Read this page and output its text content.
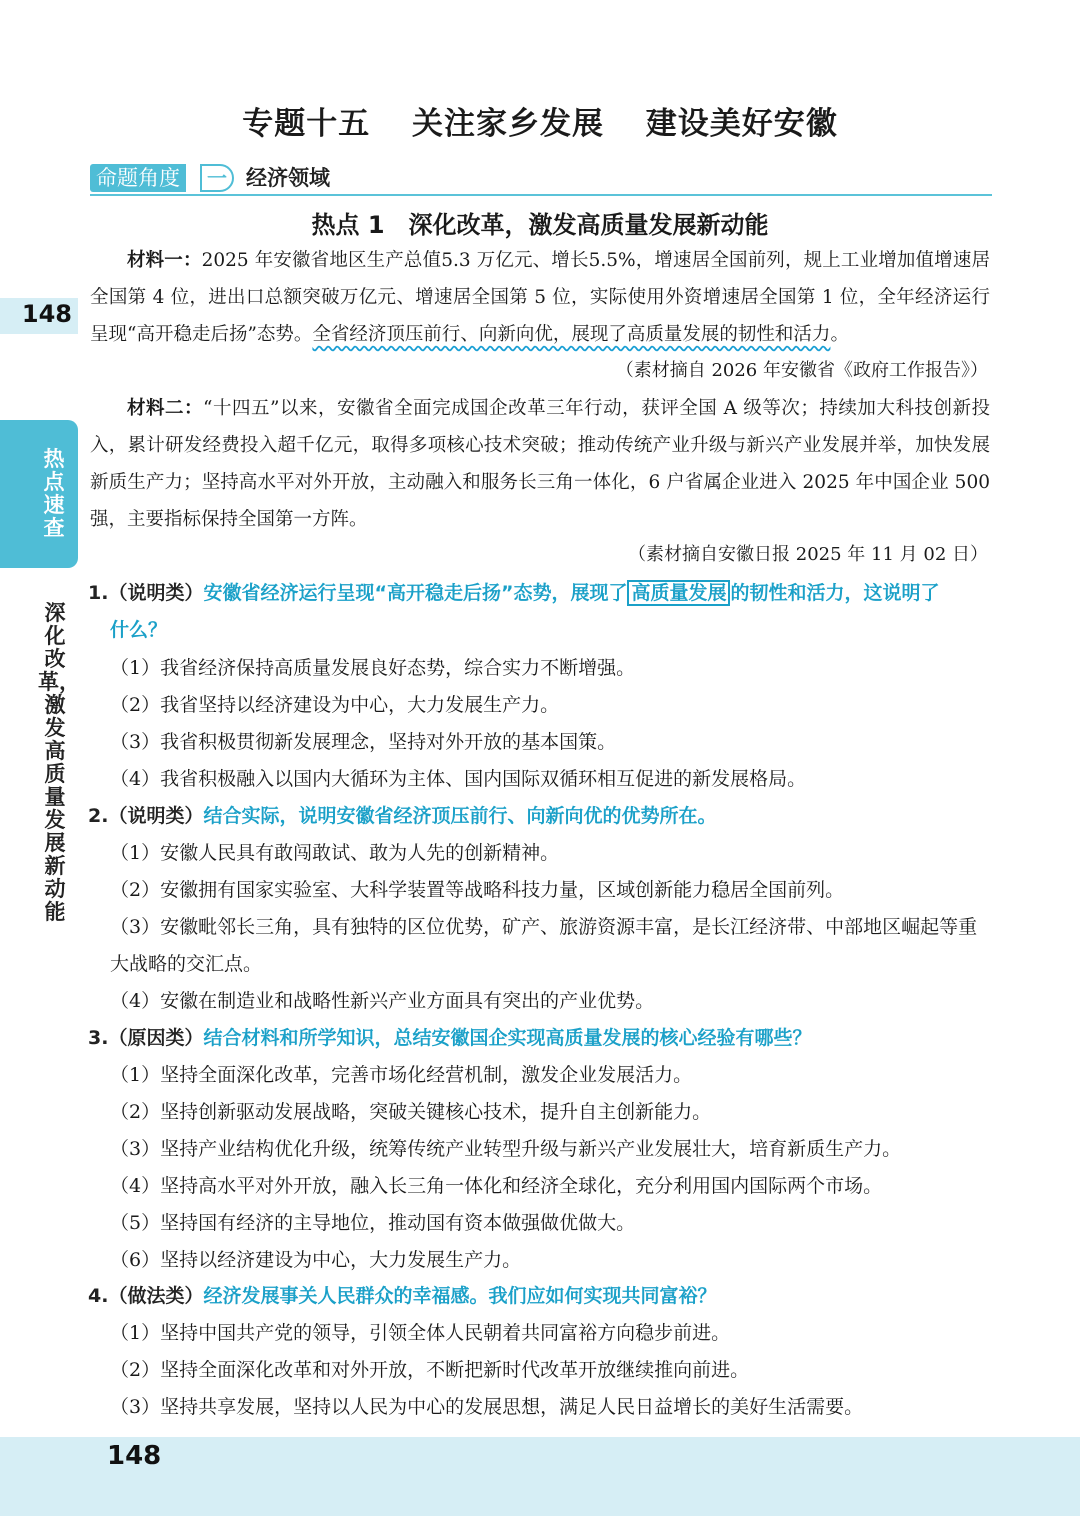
专题十五 关注家乡发展 建设美好安徽
命题角度	一 经济领域
热点 1　深化改革，激发高质量发展新动能
148
热点速查
深化改革，激发高质量发展新动能
材料一：2025 年安徽省地区生产总值5.3 万亿元、增长5.5%，增速居全国前列，规上工业增加值增速居全国第 4 位，进出口总额突破万亿元、增速居全国第 5 位，实际使用外资增速居全国第 1 位，全年经济运行呈现“高开稳走后扬”态势。全省经济顶压前行、向新向优，展现了高质量发展的韧性和活力。
（素材摘自 2026 年安徽省《政府工作报告》）
材料二：“十四五”以来，安徽省全面完成国企改革三年行动，获评全国 A 级等次；持续加大科技创新投入，累计研发经费投入超千亿元，取得多项核心技术突破；推动传统产业升级与新兴产业发展并举，加快发展新质生产力；坚持高水平对外开放，主动融入和服务长三角一体化，6 户省属企业进入 2025 年中国企业 500 强，主要指标保持全国第一方阵。
（素材摘自安徽日报 2025 年 11 月 02 日）
1.（说明类）安徽省经济运行呈现“高开稳走后扬”态势，展现了 高质量发展 的韧性和活力，这说明了
什么？
（1）我省经济保持高质量发展良好态势，综合实力不断增强。
（2）我省坚持以经济建设为中心，大力发展生产力。
（3）我省积极贯彻新发展理念，坚持对外开放的基本国策。
（4）我省积极融入以国内大循环为主体、国内国际双循环相互促进的新发展格局。
2.（说明类）结合实际，说明安徽省经济顶压前行、向新向优的优势所在。
（1）安徽人民具有敢闯敢试、敢为人先的创新精神。
（2）安徽拥有国家实验室、大科学装置等战略科技力量，区域创新能力稳居全国前列。
（3）安徽毗邻长三角，具有独特的区位优势，矿产、旅游资源丰富，是长江经济带、中部地区崛起等重大战略的交汇点。
（4）安徽在制造业和战略性新兴产业方面具有突出的产业优势。
3.（原因类）结合材料和所学知识，总结安徽国企实现高质量发展的核心经验有哪些？
（1）坚持全面深化改革，完善市场化经营机制，激发企业发展活力。
（2）坚持创新驱动发展战略，突破关键核心技术，提升自主创新能力。
（3）坚持产业结构优化升级，统筹传统产业转型升级与新兴产业发展壮大，培育新质生产力。
（4）坚持高水平对外开放，融入长三角一体化和经济全球化，充分利用国内国际两个市场。
（5）坚持国有经济的主导地位，推动国有资本做强做优做大。
（6）坚持以经济建设为中心，大力发展生产力。
4.（做法类）经济发展事关人民群众的幸福感。我们应如何实现共同富裕？
（1）坚持中国共产党的领导，引领全体人民朝着共同富裕方向稳步前进。
（2）坚持全面深化改革和对外开放，不断把新时代改革开放继续推向前进。
（3）坚持共享发展，坚持以人民为中心的发展思想，满足人民日益增长的美好生活需要。
148
